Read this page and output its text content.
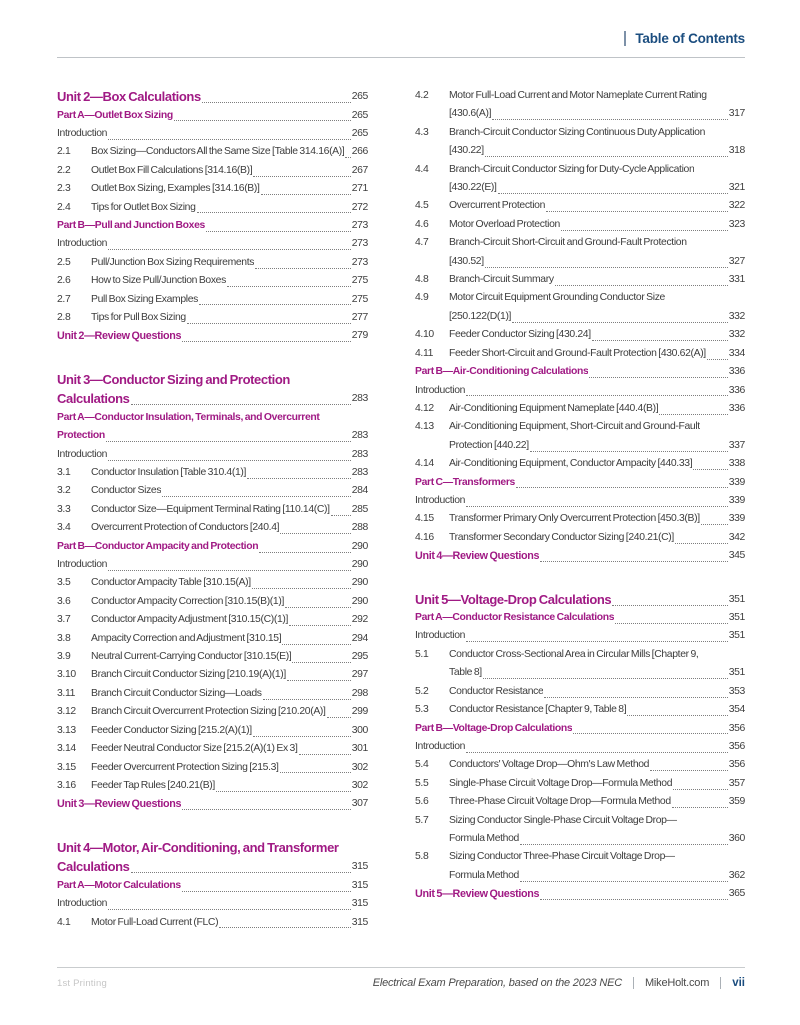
Table of Contents
Unit 2—Box Calculations	265
Part A—Outlet Box Sizing	265
Introduction	265
2.1	Box Sizing—Conductors All the Same Size [Table 314.16(A)] 266
2.2	Outlet Box Fill Calculations [314.16(B)]	267
2.3	Outlet Box Sizing, Examples [314.16(B)]	271
2.4	Tips for Outlet Box Sizing	272
Part B—Pull and Junction Boxes	273
Introduction	273
2.5	Pull/Junction Box Sizing Requirements	273
2.6	How to Size Pull/Junction Boxes	275
2.7	Pull Box Sizing Examples	275
2.8	Tips for Pull Box Sizing	277
Unit 2—Review Questions	279
Unit 3—Conductor Sizing and Protection
Calculations	283
Part A—Conductor Insulation, Terminals, and Overcurrent
Protection	283
Introduction	283
3.1	Conductor Insulation [Table 310.4(1)]	283
3.2	Conductor Sizes	284
3.3	Conductor Size—Equipment Terminal Rating [110.14(C)] 285
3.4	Overcurrent Protection of Conductors [240.4]	288
Part B—Conductor Ampacity and Protection	290
Introduction	290
3.5	Conductor Ampacity Table [310.15(A)]	290
3.6	Conductor Ampacity Correction [310.15(B)(1)]	290
3.7	Conductor Ampacity Adjustment [310.15(C)(1)]	292
3.8	Ampacity Correction and Adjustment [310.15]	294
3.9	Neutral Current-Carrying Conductor [310.15(E)]	295
3.10	Branch Circuit Conductor Sizing [210.19(A)(1)]	297
3.11	Branch Circuit Conductor Sizing—Loads	298
3.12	Branch Circuit Overcurrent Protection Sizing [210.20(A)]	299
3.13	Feeder Conductor Sizing [215.2(A)(1)]	300
3.14	Feeder Neutral Conductor Size [215.2(A)(1) Ex 3]	301
3.15	Feeder Overcurrent Protection Sizing [215.3]	302
3.16	Feeder Tap Rules [240.21(B)]	302
Unit 3—Review Questions	307
Unit 4—Motor, Air-Conditioning, and Transformer
Calculations	315
Part A—Motor Calculations	315
Introduction	315
4.1	Motor Full-Load Current (FLC)	315
4.2	Motor Full-Load Current and Motor Nameplate Current Rating
[430.6(A)]	317
4.3	Branch-Circuit Conductor Sizing Continuous Duty Application
[430.22]	318
4.4	Branch-Circuit Conductor Sizing for Duty-Cycle Application
[430.22(E)]	321
4.5	Overcurrent Protection	322
4.6	Motor Overload Protection	323
4.7	Branch-Circuit Short-Circuit and Ground-Fault Protection
[430.52]	327
4.8	Branch-Circuit Summary	331
4.9	Motor Circuit Equipment Grounding Conductor Size
[250.122(D(1)]	332
4.10	Feeder Conductor Sizing [430.24]	332
4.11	Feeder Short-Circuit and Ground-Fault Protection [430.62(A)] 334
Part B—Air-Conditioning Calculations	336
Introduction	336
4.12	Air-Conditioning Equipment Nameplate [440.4(B)]	336
4.13	Air-Conditioning Equipment, Short-Circuit and Ground-Fault
Protection [440.22]	337
4.14	Air-Conditioning Equipment, Conductor Ampacity [440.33]	338
Part C—Transformers	339
Introduction	339
4.15	Transformer Primary Only Overcurrent Protection [450.3(B)]	339
4.16	Transformer Secondary Conductor Sizing [240.21(C)]	342
Unit 4—Review Questions	345
Unit 5—Voltage-Drop Calculations	351
Part A—Conductor Resistance Calculations	351
Introduction	351
5.1	Conductor Cross-Sectional Area in Circular Mills [Chapter 9,
Table 8]	351
5.2	Conductor Resistance	353
5.3	Conductor Resistance [Chapter 9, Table 8]	354
Part B—Voltage-Drop Calculations	356
Introduction	356
5.4	Conductors' Voltage Drop—Ohm's Law Method	356
5.5	Single-Phase Circuit Voltage Drop—Formula Method	357
5.6	Three-Phase Circuit Voltage Drop—Formula Method	359
5.7	Sizing Conductor Single-Phase Circuit Voltage Drop—
Formula Method	360
5.8	Sizing Conductor Three-Phase Circuit Voltage Drop—
Formula Method	362
Unit 5—Review Questions	365
1st Printing	Electrical Exam Preparation, based on the 2023 NEC MikeHolt.com vii
